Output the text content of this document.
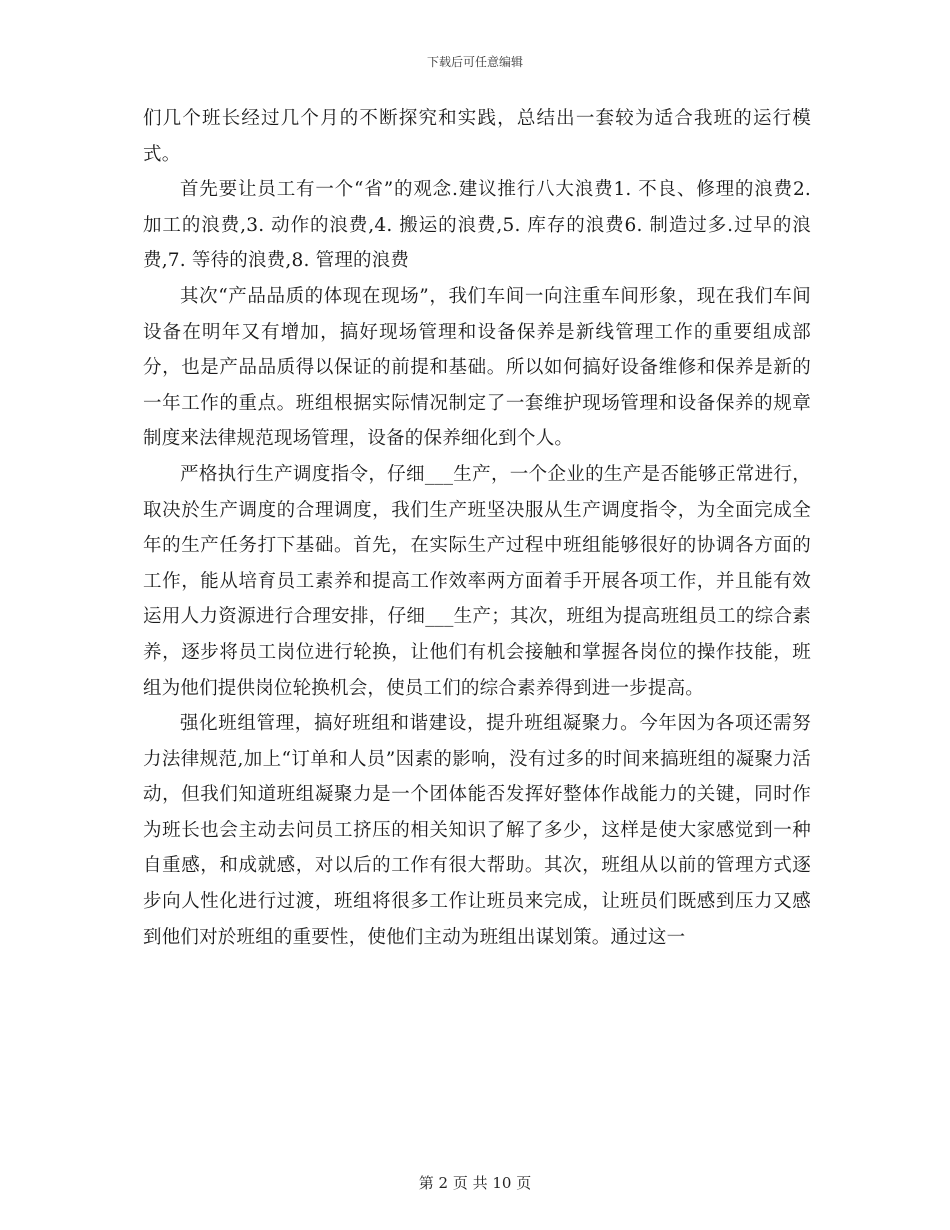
下载后可任意编辑

们几个班长经过几个月的不断探究和实践，总结出一套较为适合我班的运行模式。

首先要让员工有一个“省”的观念.建议推行八大浪费1. 不良、修理的浪费2. 加工的浪费,3. 动作的浪费,4. 搬运的浪费,5. 库存的浪费6. 制造过多.过早的浪费,7. 等待的浪费,8. 管理的浪费

其次“产品品质的体现在现场”，我们车间一向注重车间形象，现在我们车间设备在明年又有增加，搞好现场管理和设备保养是新线管理工作的重要组成部分，也是产品品质得以保证的前提和基础。所以如何搞好设备维修和保养是新的一年工作的重点。班组根据实际情况制定了一套维护现场管理和设备保养的规章制度来法律规范现场管理，设备的保养细化到个人。

严格执行生产调度指令，仔细___生产，一个企业的生产是否能够正常进行，取决於生产调度的合理调度，我们生产班坚决服从生产调度指令，为全面完成全年的生产任务打下基础。首先，在实际生产过程中班组能够很好的协调各方面的工作，能从培育员工素养和提高工作效率两方面着手开展各项工作，并且能有效运用人力资源进行合理安排，仔细___生产；其次，班组为提高班组员工的综合素养，逐步将员工岗位进行轮换，让他们有机会接触和掌握各岗位的操作技能，班组为他们提供岗位轮换机会，使员工们的综合素养得到进一步提高。

强化班组管理，搞好班组和谐建设，提升班组凝聚力。今年因为各项还需努力法律规范,加上“订单和人员”因素的影响，没有过多的时间来搞班组的凝聚力活动，但我们知道班组凝聚力是一个团体能否发挥好整体作战能力的关键，同时作为班长也会主动去问员工挤压的相关知识了解了多少，这样是使大家感觉到一种自重感，和成就感，对以后的工作有很大帮助。其次，班组从以前的管理方式逐步向人性化进行过渡，班组将很多工作让班员来完成，让班员们既感到压力又感到他们对於班组的重要性，使他们主动为班组出谋划策。通过这一

第 2 页 共 10 页
